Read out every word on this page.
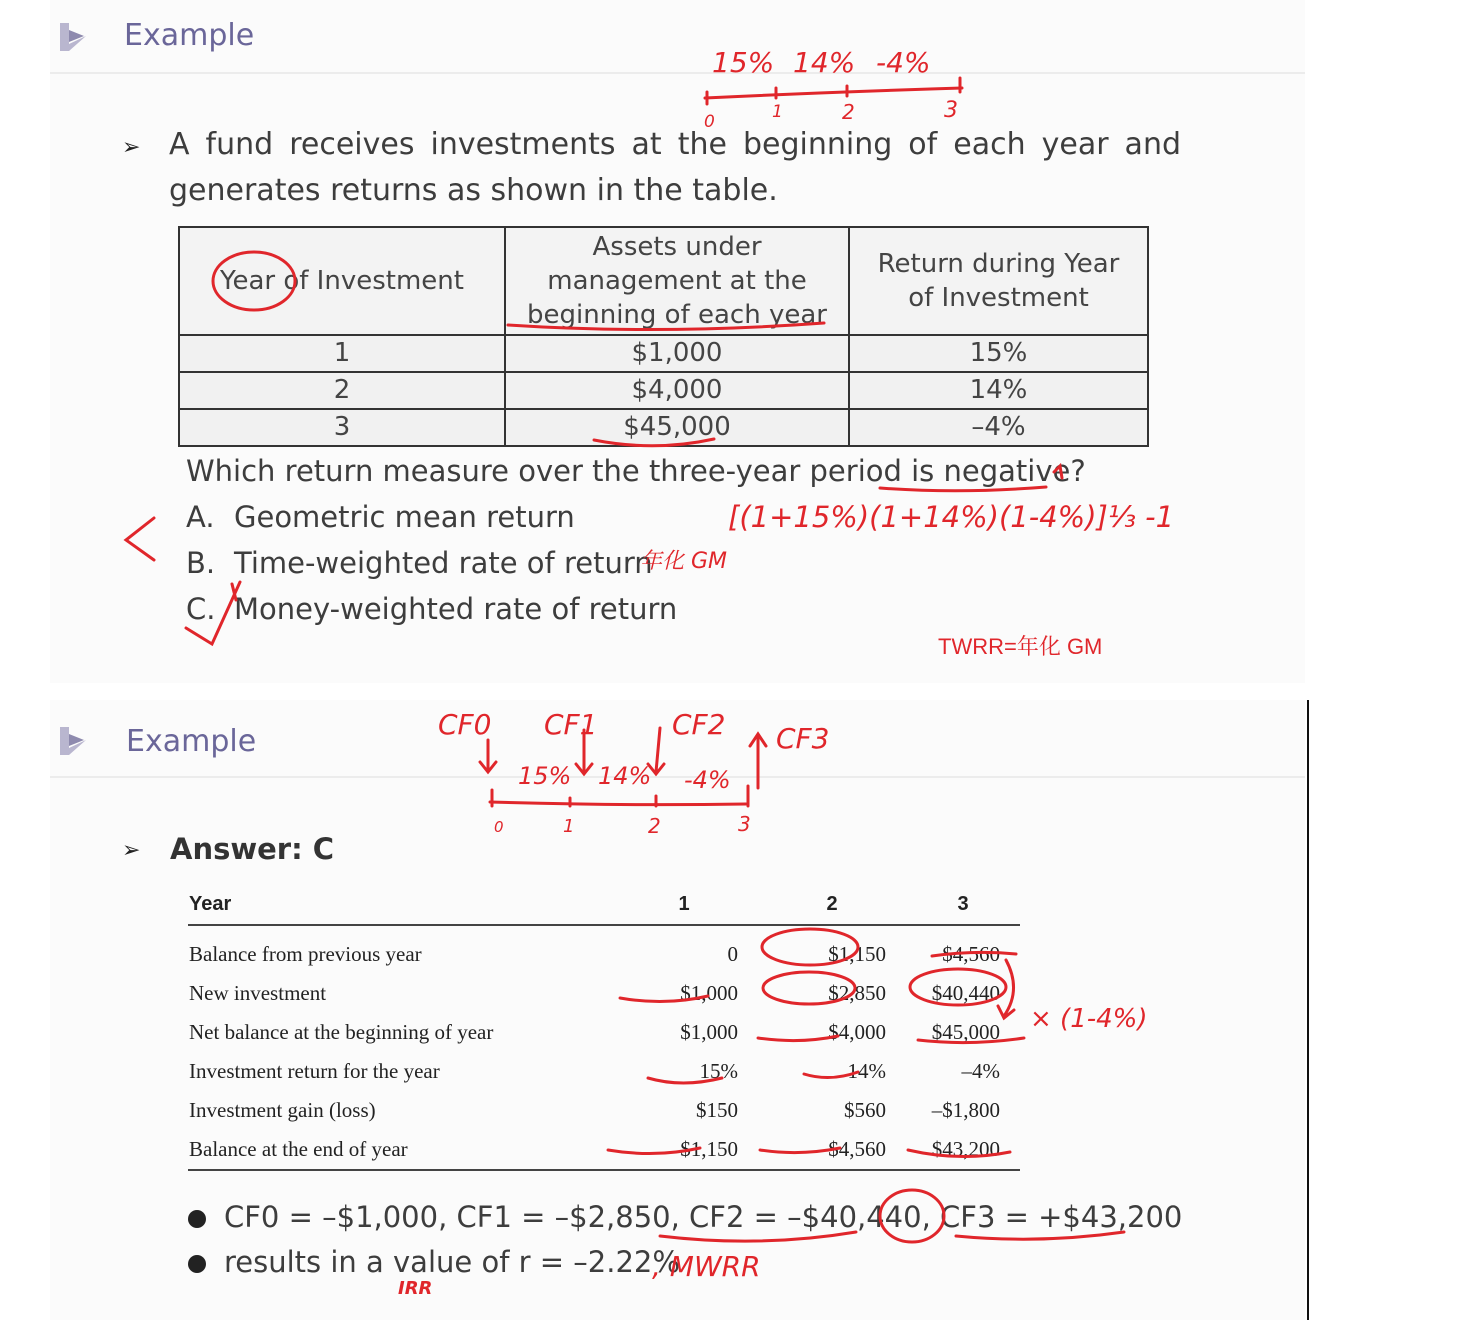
Example
➢ A fund receives investments at the beginning of each year and
generates returns as shown in the table.
Year of Investment	Assets under management at the beginning of each year	Return during Year of Investment
1	$1,000	15%
2	$4,000	14%
3	$45,000	–4%
Which return measure over the three-year period is negative?
A. Geometric mean return
B. Time-weighted rate of return
C. Money-weighted rate of return
TWRR=年化 GM
15% 14% -4%
0	1	2	3
[(1+15%)(1+14%)(1-4%)]⅓ -1
年化 GM
Example
➢ Answer: C
Year	1	2	3
Balance from previous year	0	$1,150	$4,560
New investment	$1,000	$2,850	$40,440
Net balance at the beginning of year	$1,000	$4,000	$45,000
Investment return for the year	15%	14%	–4%
Investment gain (loss)	$150	$560	–$1,800
Balance at the end of year	$1,150	$4,560	$43,200
CF0 = –$1,000, CF1 = –$2,850, CF2 = –$40,440, CF3 = +$43,200
results in a value of r = –2.22%
CF0 CF1	CF2 CF3
15% 14% -4%
0	1	2	3
× (1-4%)
IRR
, MWRR
